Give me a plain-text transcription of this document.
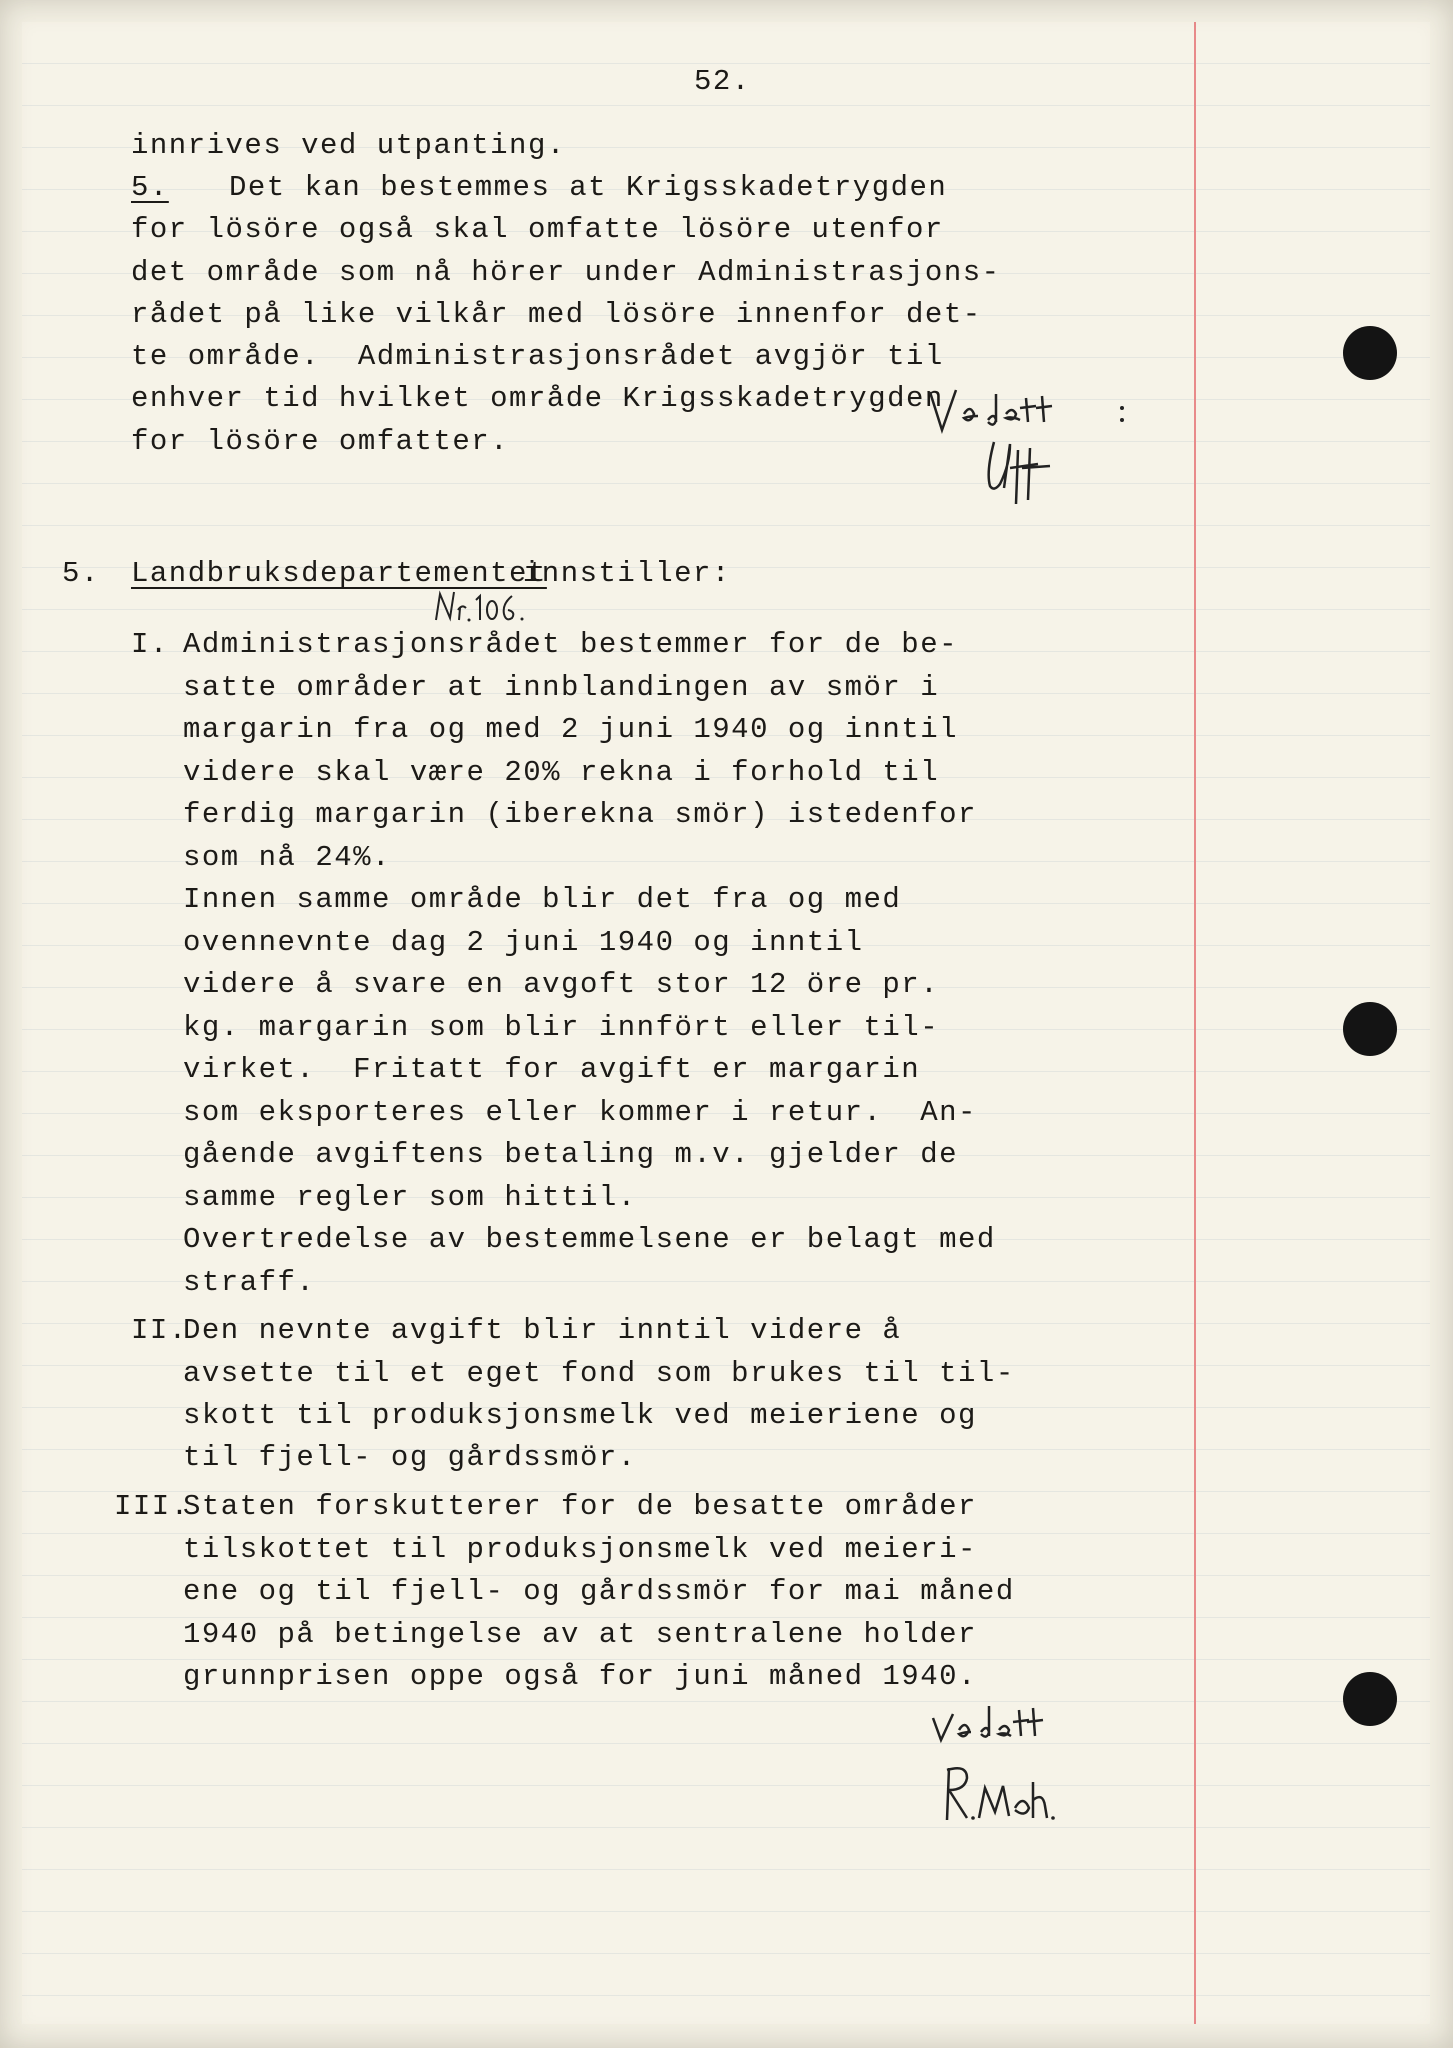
52.
innrives ved utpanting.
5. Det kan bestemmes at Krigsskadetrygden
for lösöre også skal omfatte lösöre utenfor
det område som nå hörer under Administrasjons-
rådet på like vilkår med lösöre innenfor det-
te område.  Administrasjonsrådet avgjör til
enhver tid hvilket område Krigsskadetrygden
for lösöre omfatter.
5. Landbruksdepartementet
innstiller:
I. Administrasjonsrådet bestemmer for de be-
satte områder at innblandingen av smör i
margarin fra og med 2 juni 1940 og inntil
videre skal være 20% rekna i forhold til
ferdig margarin (iberekna smör) istedenfor
som nå 24%.
Innen samme område blir det fra og med
ovennevnte dag 2 juni 1940 og inntil
videre å svare en avgoft stor 12 öre pr.
kg. margarin som blir innfört eller til-
virket.  Fritatt for avgift er margarin
som eksporteres eller kommer i retur.  An-
gående avgiftens betaling m.v. gjelder de
samme regler som hittil.
Overtredelse av bestemmelsene er belagt med
straff.
II.
Den nevnte avgift blir inntil videre å
avsette til et eget fond som brukes til til-
skott til produksjonsmelk ved meieriene og
til fjell- og gårdssmör.
III.
Staten forskutterer for de besatte områder
tilskottet til produksjonsmelk ved meieri-
ene og til fjell- og gårdssmör for mai måned
1940 på betingelse av at sentralene holder
grunnprisen oppe også for juni måned 1940.
